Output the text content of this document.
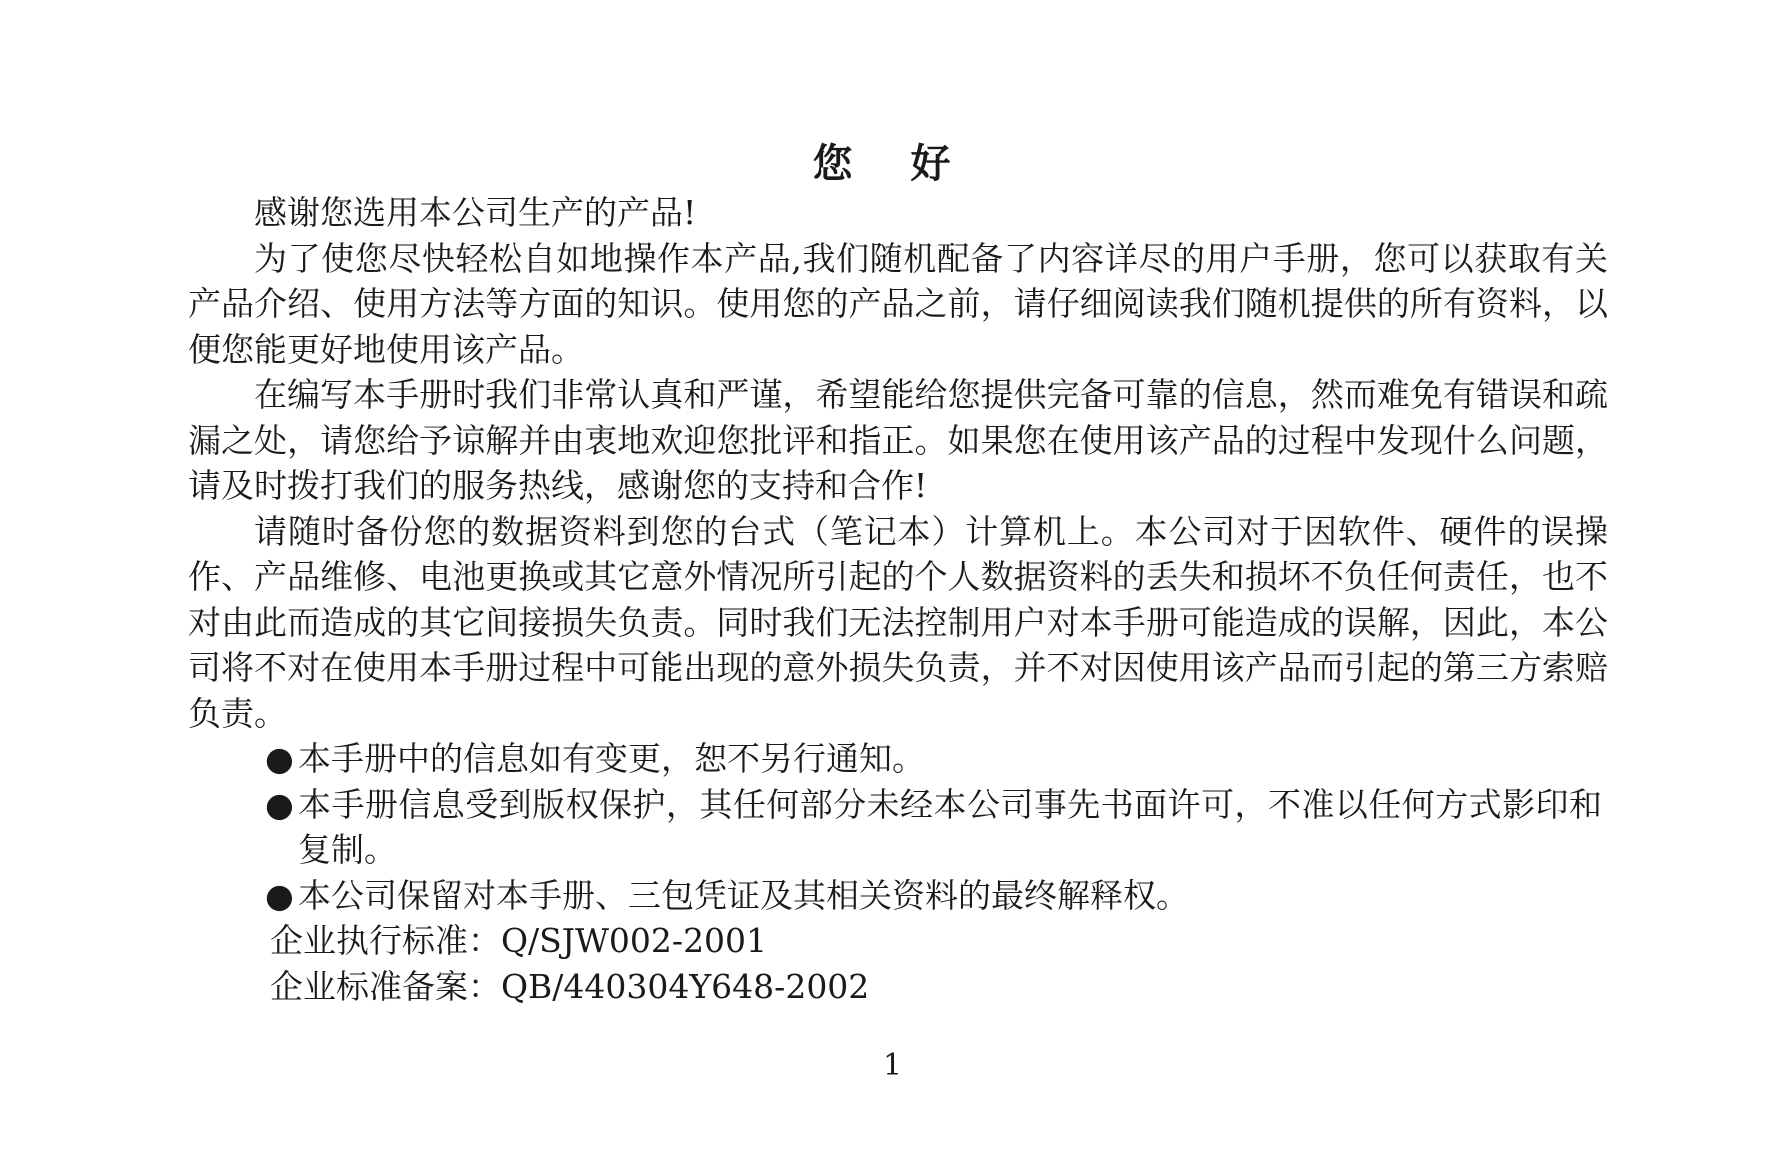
您 好

感谢您选用本公司生产的产品!

为了使您尽快轻松自如地操作本产品,我们随机配备了内容详尽的用户手册，您可以获取有关产品介绍、使用方法等方面的知识。使用您的产品之前，请仔细阅读我们随机提供的所有资料，以便您能更好地使用该产品。

在编写本手册时我们非常认真和严谨，希望能给您提供完备可靠的信息，然而难免有错误和疏漏之处，请您给予谅解并由衷地欢迎您批评和指正。如果您在使用该产品的过程中发现什么问题，请及时拨打我们的服务热线，感谢您的支持和合作!

请随时备份您的数据资料到您的台式（笔记本）计算机上。本公司对于因软件、硬件的误操作、产品维修、电池更换或其它意外情况所引起的个人数据资料的丢失和损坏不负任何责任，也不对由此而造成的其它间接损失负责。同时我们无法控制用户对本手册可能造成的误解，因此，本公司将不对在使用本手册过程中可能出现的意外损失负责，并不对因使用该产品而引起的第三方索赔负责。

● 本手册中的信息如有变更，恕不另行通知。
● 本手册信息受到版权保护，其任何部分未经本公司事先书面许可，不准以任何方式影印和复制。
● 本公司保留对本手册、三包凭证及其相关资料的最终解释权。

企业执行标准：Q/SJW002-2001

企业标准备案：QB/440304Y648-2002

1
